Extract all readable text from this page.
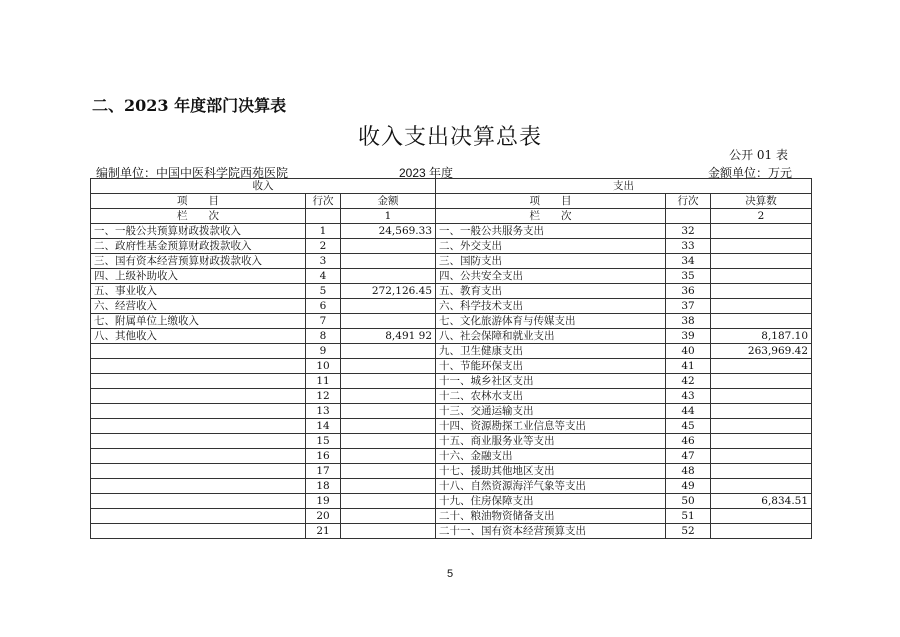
二、2023 年度部门决算表
收入支出决算总表
公开 01 表
编制单位：中国中医科学院西苑医院	2023 年度	金额单位：万元
收入			支出		
项　　目	行次	金额	项　　目	行次	决算数
栏　　次		1	栏　　次		2
一、一般公共预算财政拨款收入	1	24,569.33	一、一般公共服务支出	32	
二、政府性基金预算财政拨款收入	2		二、外交支出	33	
三、国有资本经营预算财政拨款收入	3		三、国防支出	34	
四、上级补助收入	4		四、公共安全支出	35	
五、事业收入	5	272,126.45	五、教育支出	36	
六、经营收入	6		六、科学技术支出	37	
七、附属单位上缴收入	7		七、文化旅游体育与传媒支出	38	
八、其他收入	8	8,491 92	八、社会保障和就业支出	39	8,187.10
	9		九、卫生健康支出	40	263,969.42
	10		十、节能环保支出	41	
	11		十一、城乡社区支出	42	
	12		十二、农林水支出	43	
	13		十三、交通运输支出	44	
	14		十四、资源勘探工业信息等支出	45	
	15		十五、商业服务业等支出	46	
	16		十六、金融支出	47	
	17		十七、援助其他地区支出	48	
	18		十八、自然资源海洋气象等支出	49	
	19		十九、住房保障支出	50	6,834.51
	20		二十、粮油物资储备支出	51	
	21		二十一、国有资本经营预算支出	52	
5
